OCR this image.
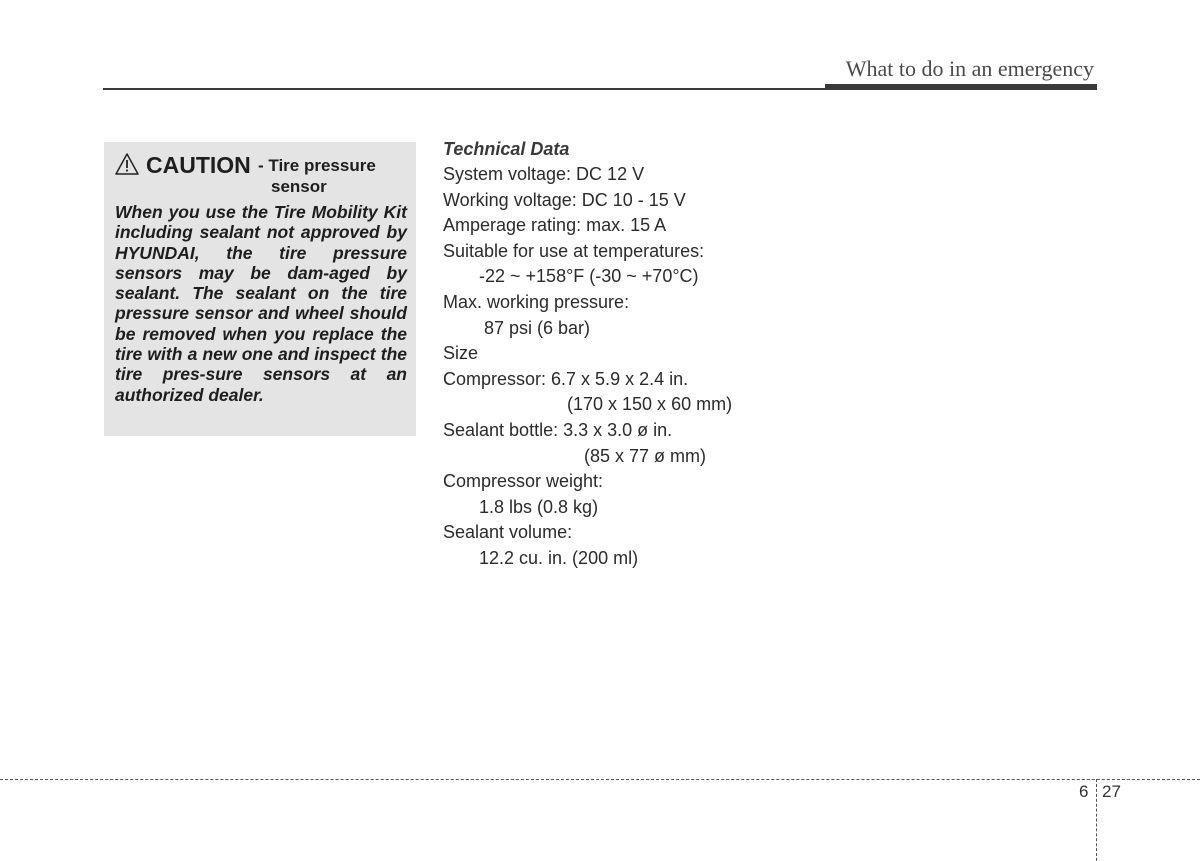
What to do in an emergency
CAUTION - Tire pressure
sensor
When you use the Tire Mobility Kit including sealant not approved by HYUNDAI, the tire pressure sensors may be dam-aged by sealant. The sealant on the tire pressure sensor and wheel should be removed when you replace the tire with a new one and inspect the tire pres-sure sensors at an authorized dealer.
Technical Data
System voltage: DC 12 V
Working voltage: DC 10 - 15 V
Amperage rating: max. 15 A
Suitable for use at temperatures:
-22 ~ +158°F (-30 ~ +70°C)
Max. working pressure:
87 psi (6 bar)
Size
Compressor: 6.7 x 5.9 x 2.4 in.
(170 x 150 x 60 mm)
Sealant bottle: 3.3 x 3.0 ø in.
(85 x 77 ø mm)
Compressor weight:
1.8 lbs (0.8 kg)
Sealant volume:
12.2 cu. in. (200 ml)
6 27
